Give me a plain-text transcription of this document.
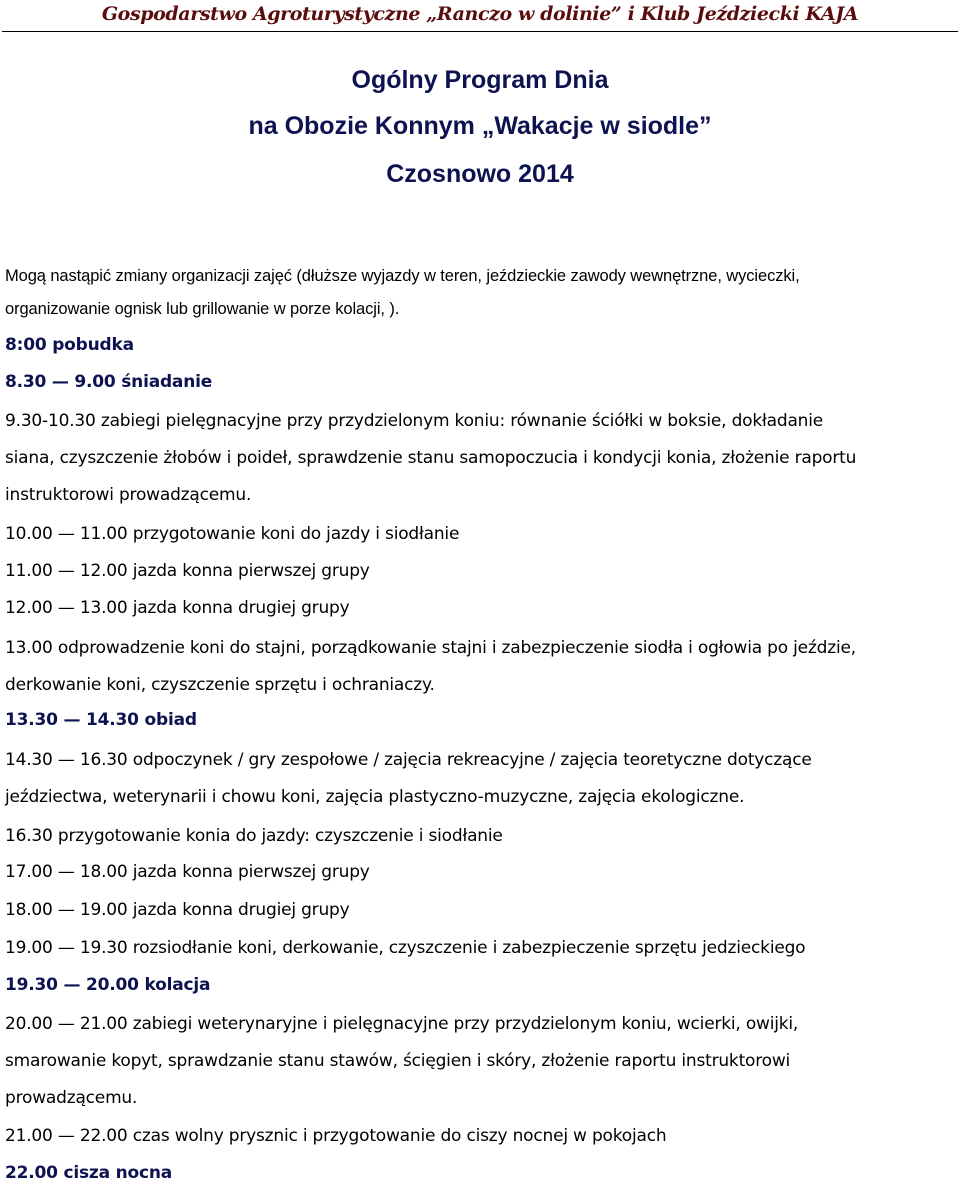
Gospodarstwo Agroturystyczne „Ranczo w dolinie” i Klub Jeździecki KAJA
Ogólny Program Dnia
na Obozie Konnym „Wakacje w siodle”
Czosnowo 2014
Mogą nastąpić zmiany organizacji zajęć (dłuższe wyjazdy w teren, jeździeckie zawody wewnętrzne, wycieczki,
organizowanie ognisk lub grillowanie w porze kolacji, ).
8:00 pobudka
8.30 — 9.00 śniadanie
9.30-10.30 zabiegi pielęgnacyjne przy przydzielonym koniu: równanie ściółki w boksie, dokładanie
siana, czyszczenie żłobów i poideł, sprawdzenie stanu samopoczucia i kondycji konia, złożenie raportu
instruktorowi prowadzącemu.
10.00 — 11.00 przygotowanie koni do jazdy i siodłanie
11.00 — 12.00 jazda konna pierwszej grupy
12.00 — 13.00 jazda konna drugiej grupy
13.00 odprowadzenie koni do stajni, porządkowanie stajni i zabezpieczenie siodła i ogłowia po jeździe,
derkowanie koni, czyszczenie sprzętu i ochraniaczy.
13.30 — 14.30 obiad
14.30 — 16.30 odpoczynek / gry zespołowe / zajęcia rekreacyjne / zajęcia teoretyczne dotyczące
jeździectwa, weterynarii i chowu koni, zajęcia plastyczno-muzyczne, zajęcia ekologiczne.
16.30 przygotowanie konia do jazdy: czyszczenie i siodłanie
17.00 — 18.00 jazda konna pierwszej grupy
18.00 — 19.00 jazda konna drugiej grupy
19.00 — 19.30 rozsiodłanie koni, derkowanie, czyszczenie i zabezpieczenie sprzętu jedzieckiego
19.30 — 20.00 kolacja
20.00 — 21.00 zabiegi weterynaryjne i pielęgnacyjne przy przydzielonym koniu, wcierki, owijki,
smarowanie kopyt, sprawdzanie stanu stawów, ścięgien i skóry, złożenie raportu instruktorowi
prowadzącemu.
21.00 — 22.00 czas wolny prysznic i przygotowanie do ciszy nocnej w pokojach
22.00 cisza nocna
